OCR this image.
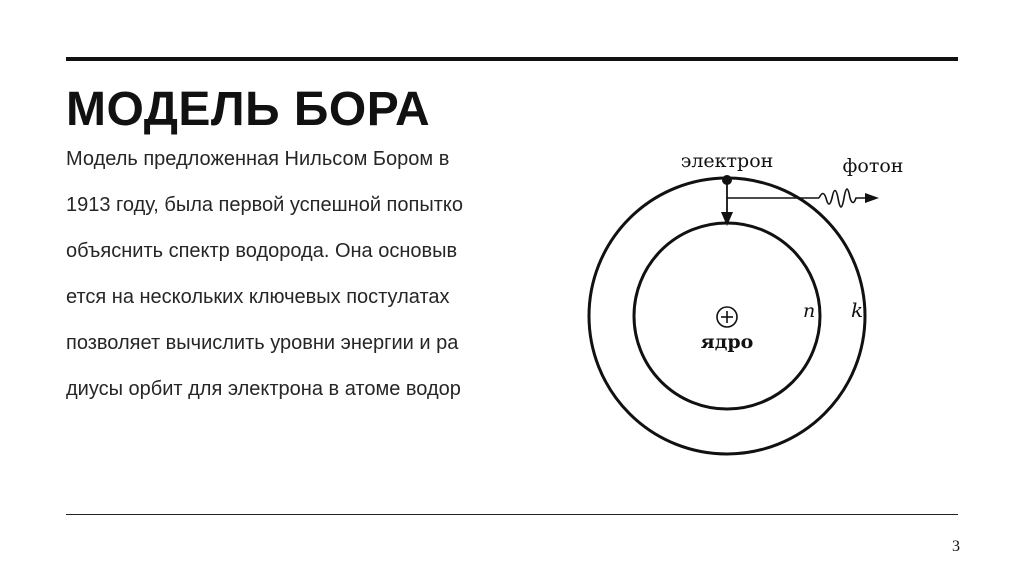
МОДЕЛЬ БОРА
Модель предложенная Нильсом Бором в
1913 году, была первой успешной попытко
объяснить спектр водорода. Она основыв
ется на нескольких ключевых постулатах
позволяет вычислить уровни энергии и ра
диусы орбит для электрона в атоме водор
ядро
n k
электрон	фотон
3
